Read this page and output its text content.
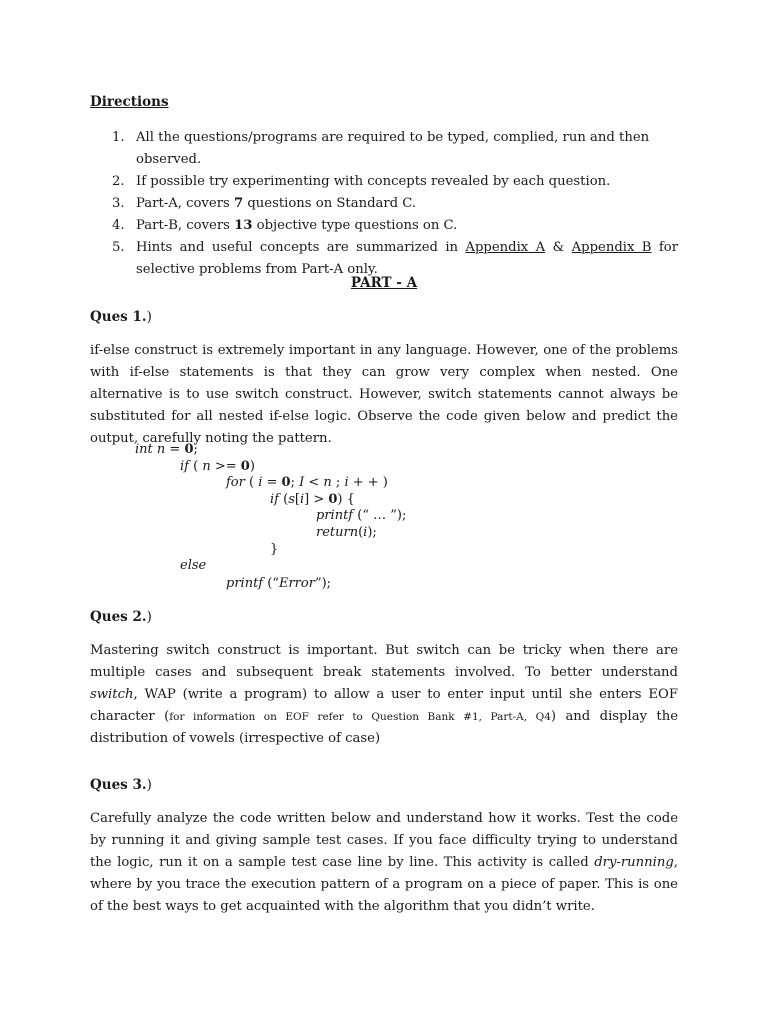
Directions
1. All the questions/programs are required to be typed, complied, run and then observed.
2. If possible try experimenting with concepts revealed by each question.
3. Part-A, covers 7 questions on Standard C.
4. Part-B, covers 13 objective type questions on C.
5. Hints and useful concepts are summarized in Appendix A & Appendix B for selective problems from Part-A only.
PART - A
Ques 1.)

if-else construct is extremely important in any language. However, one of the problems with if-else statements is that they can grow very complex when nested. One alternative is to use switch construct. However, switch statements cannot always be substituted for all nested if-else logic. Observe the code given below and predict the output, carefully noting the pattern.

int n = 0;
if ( n >= 0)
for ( i = 0; I < n ; i + + )
if (s[i] > 0) {
printf (“ … ”);
return(i);
}
else
printf (“Error”);
Ques 2.)

Mastering switch construct is important. But switch can be tricky when there are multiple cases and subsequent break statements involved. To better understand switch, WAP (write a program) to allow a user to enter input until she enters EOF character (for information on EOF refer to Question Bank #1, Part-A, Q4) and display the distribution of vowels (irrespective of case)

Ques 3.)

Carefully analyze the code written below and understand how it works. Test the code by running it and giving sample test cases. If you face difficulty trying to understand the logic, run it on a sample test case line by line. This activity is called dry-running, where by you trace the execution pattern of a program on a piece of paper. This is one of the best ways to get acquainted with the algorithm that you didn’t write.
